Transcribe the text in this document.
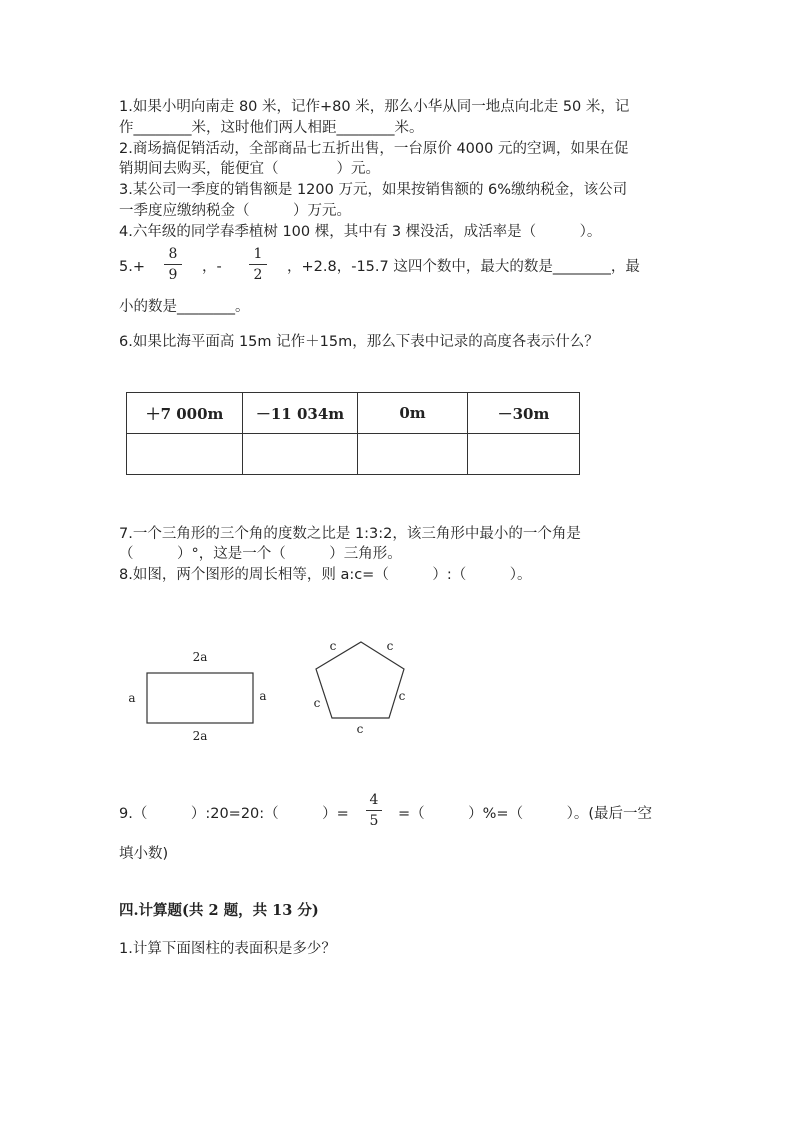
1.如果小明向南走 80 米，记作+80 米，那么小华从同一地点向北走 50 米，记
作________米，这时他们两人相距________米。
2.商场搞促销活动，全部商品七五折出售，一台原价 4000 元的空调，如果在促
销期间去购买，能便宜（　　　　）元。
3.某公司一季度的销售额是 1200 万元，如果按销售额的 6%缴纳税金，该公司
一季度应缴纳税金（　　　）万元。
4.六年级的同学春季植树 100 棵，其中有 3 棵没活，成活率是（　　　）。
5.+
8
9	，-
1
2	，+2.8，-15.7 这四个数中，最大的数是________，最
小的数是________。
6.如果比海平面高 15m 记作＋15m，那么下表中记录的高度各表示什么？
＋7 000m	－11 034m	0m	－30m

7.一个三角形的三个角的度数之比是 1:3:2，该三角形中最小的一个角是
（　　　）°，这是一个（　　　）三角形。
8.如图，两个图形的周长相等，则 a:c=（　　　）:（　　　）。
2a
2a
a	a
c	c
c
c
c
9.（　　　）:20=20:（　　　）=
4
5 =（　　　）%=（　　　）。(最后一空
填小数)
四.计算题(共 2 题，共 13 分)
1.计算下面图柱的表面积是多少？
